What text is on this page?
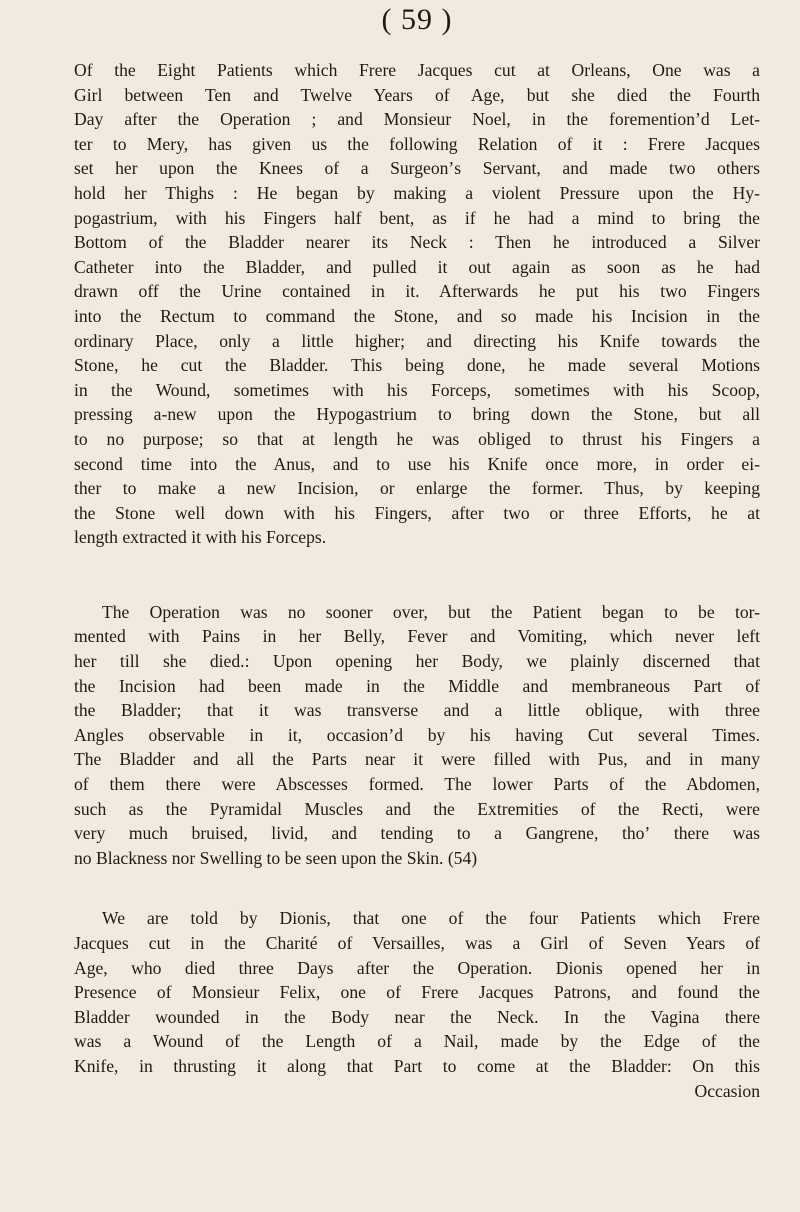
( 59 )
Of the Eight Patients which Frere Jacques cut at Orleans, One was a
Girl between Ten and Twelve Years of Age, but she died the Fourth
Day after the Operation ; and Monsieur Noel, in the forementionʼd Let-
ter to Mery, has given us the following Relation of it : Frere Jacques
set her upon the Knees of a Surgeonʼs Servant, and made two others
hold her Thighs : He began by making a violent Pressure upon the Hy-
pogastrium, with his Fingers half bent, as if he had a mind to bring the
Bottom of the Bladder nearer its Neck : Then he introduced a Silver
Catheter into the Bladder, and pulled it out again as soon as he had
drawn off the Urine contained in it. Afterwards he put his two Fingers
into the Rectum to command the Stone, and so made his Incision in the
ordinary Place, only a little higher; and directing his Knife towards the
Stone, he cut the Bladder. This being done, he made several Motions
in the Wound, sometimes with his Forceps, sometimes with his Scoop,
pressing a-new upon the Hypogastrium to bring down the Stone, but all
to no purpose; so that at length he was obliged to thrust his Fingers a
second time into the Anus, and to use his Knife once more, in order ei-
ther to make a new Incision, or enlarge the former. Thus, by keeping
the Stone well down with his Fingers, after two or three Efforts, he at
length extracted it with his Forceps.
The Operation was no sooner over, but the Patient began to be tor-
mented with Pains in her Belly, Fever and Vomiting, which never left
her till she died.: Upon opening her Body, we plainly discerned that
the Incision had been made in the Middle and membraneous Part of
the Bladder; that it was transverse and a little oblique, with three
Angles observable in it, occasionʼd by his having Cut several Times.
The Bladder and all the Parts near it were filled with Pus, and in many
of them there were Abscesses formed. The lower Parts of the Abdomen,
such as the Pyramidal Muscles and the Extremities of the Recti, were
very much bruised, livid, and tending to a Gangrene, thoʼ there was
no Blackness nor Swelling to be seen upon the Skin. (54)
We are told by Dionis, that one of the four Patients which Frere
Jacques cut in the Charité of Versailles, was a Girl of Seven Years of
Age, who died three Days after the Operation. Dionis opened her in
Presence of Monsieur Felix, one of Frere Jacques Patrons, and found the
Bladder wounded in the Body near the Neck. In the Vagina there
was a Wound of the Length of a Nail, made by the Edge of the
Knife, in thrusting it along that Part to come at the Bladder: On this
Occasion
